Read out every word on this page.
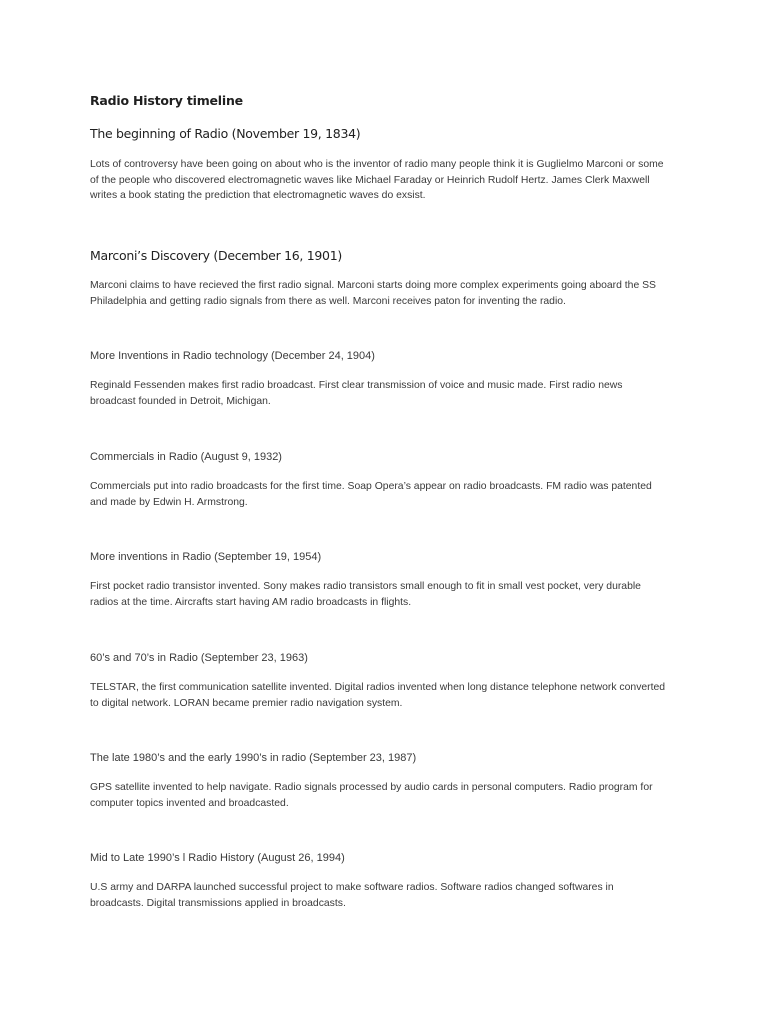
Radio History timeline
The beginning of Radio (November 19, 1834)
Lots of controversy have been going on about who is the inventor of radio many people think it is Guglielmo Marconi or some of the people who discovered electromagnetic waves like Michael Faraday or Heinrich Rudolf Hertz. James Clerk Maxwell writes a book stating the prediction that electromagnetic waves do exsist.
Marconi’s Discovery (December 16, 1901)
Marconi claims to have recieved the first radio signal. Marconi starts doing more complex experiments going aboard the SS Philadelphia and getting radio signals from there as well. Marconi receives paton for inventing the radio.
More Inventions in Radio technology (December 24, 1904)
Reginald Fessenden makes first radio broadcast. First clear transmission of voice and music made. First radio news broadcast founded in Detroit, Michigan.
Commercials in Radio (August 9, 1932)
Commercials put into radio broadcasts for the first time. Soap Opera’s appear on radio broadcasts. FM radio was patented and made by Edwin H. Armstrong.
More inventions in Radio (September 19, 1954)
First pocket radio transistor invented. Sony makes radio transistors small enough to fit in small vest pocket, very durable radios at the time. Aircrafts start having AM radio broadcasts in flights.
60’s and 70’s in Radio (September 23, 1963)
TELSTAR, the first communication satellite invented. Digital radios invented when long distance telephone network converted to digital network. LORAN became premier radio navigation system.
The late 1980’s and the early 1990’s in radio (September 23, 1987)
GPS satellite invented to help navigate. Radio signals processed by audio cards in personal computers. Radio program for computer topics invented and broadcasted.
Mid to Late 1990’s l Radio History (August 26, 1994)
U.S army and DARPA launched successful project to make software radios. Software radios changed softwares in broadcasts. Digital transmissions applied in broadcasts.
